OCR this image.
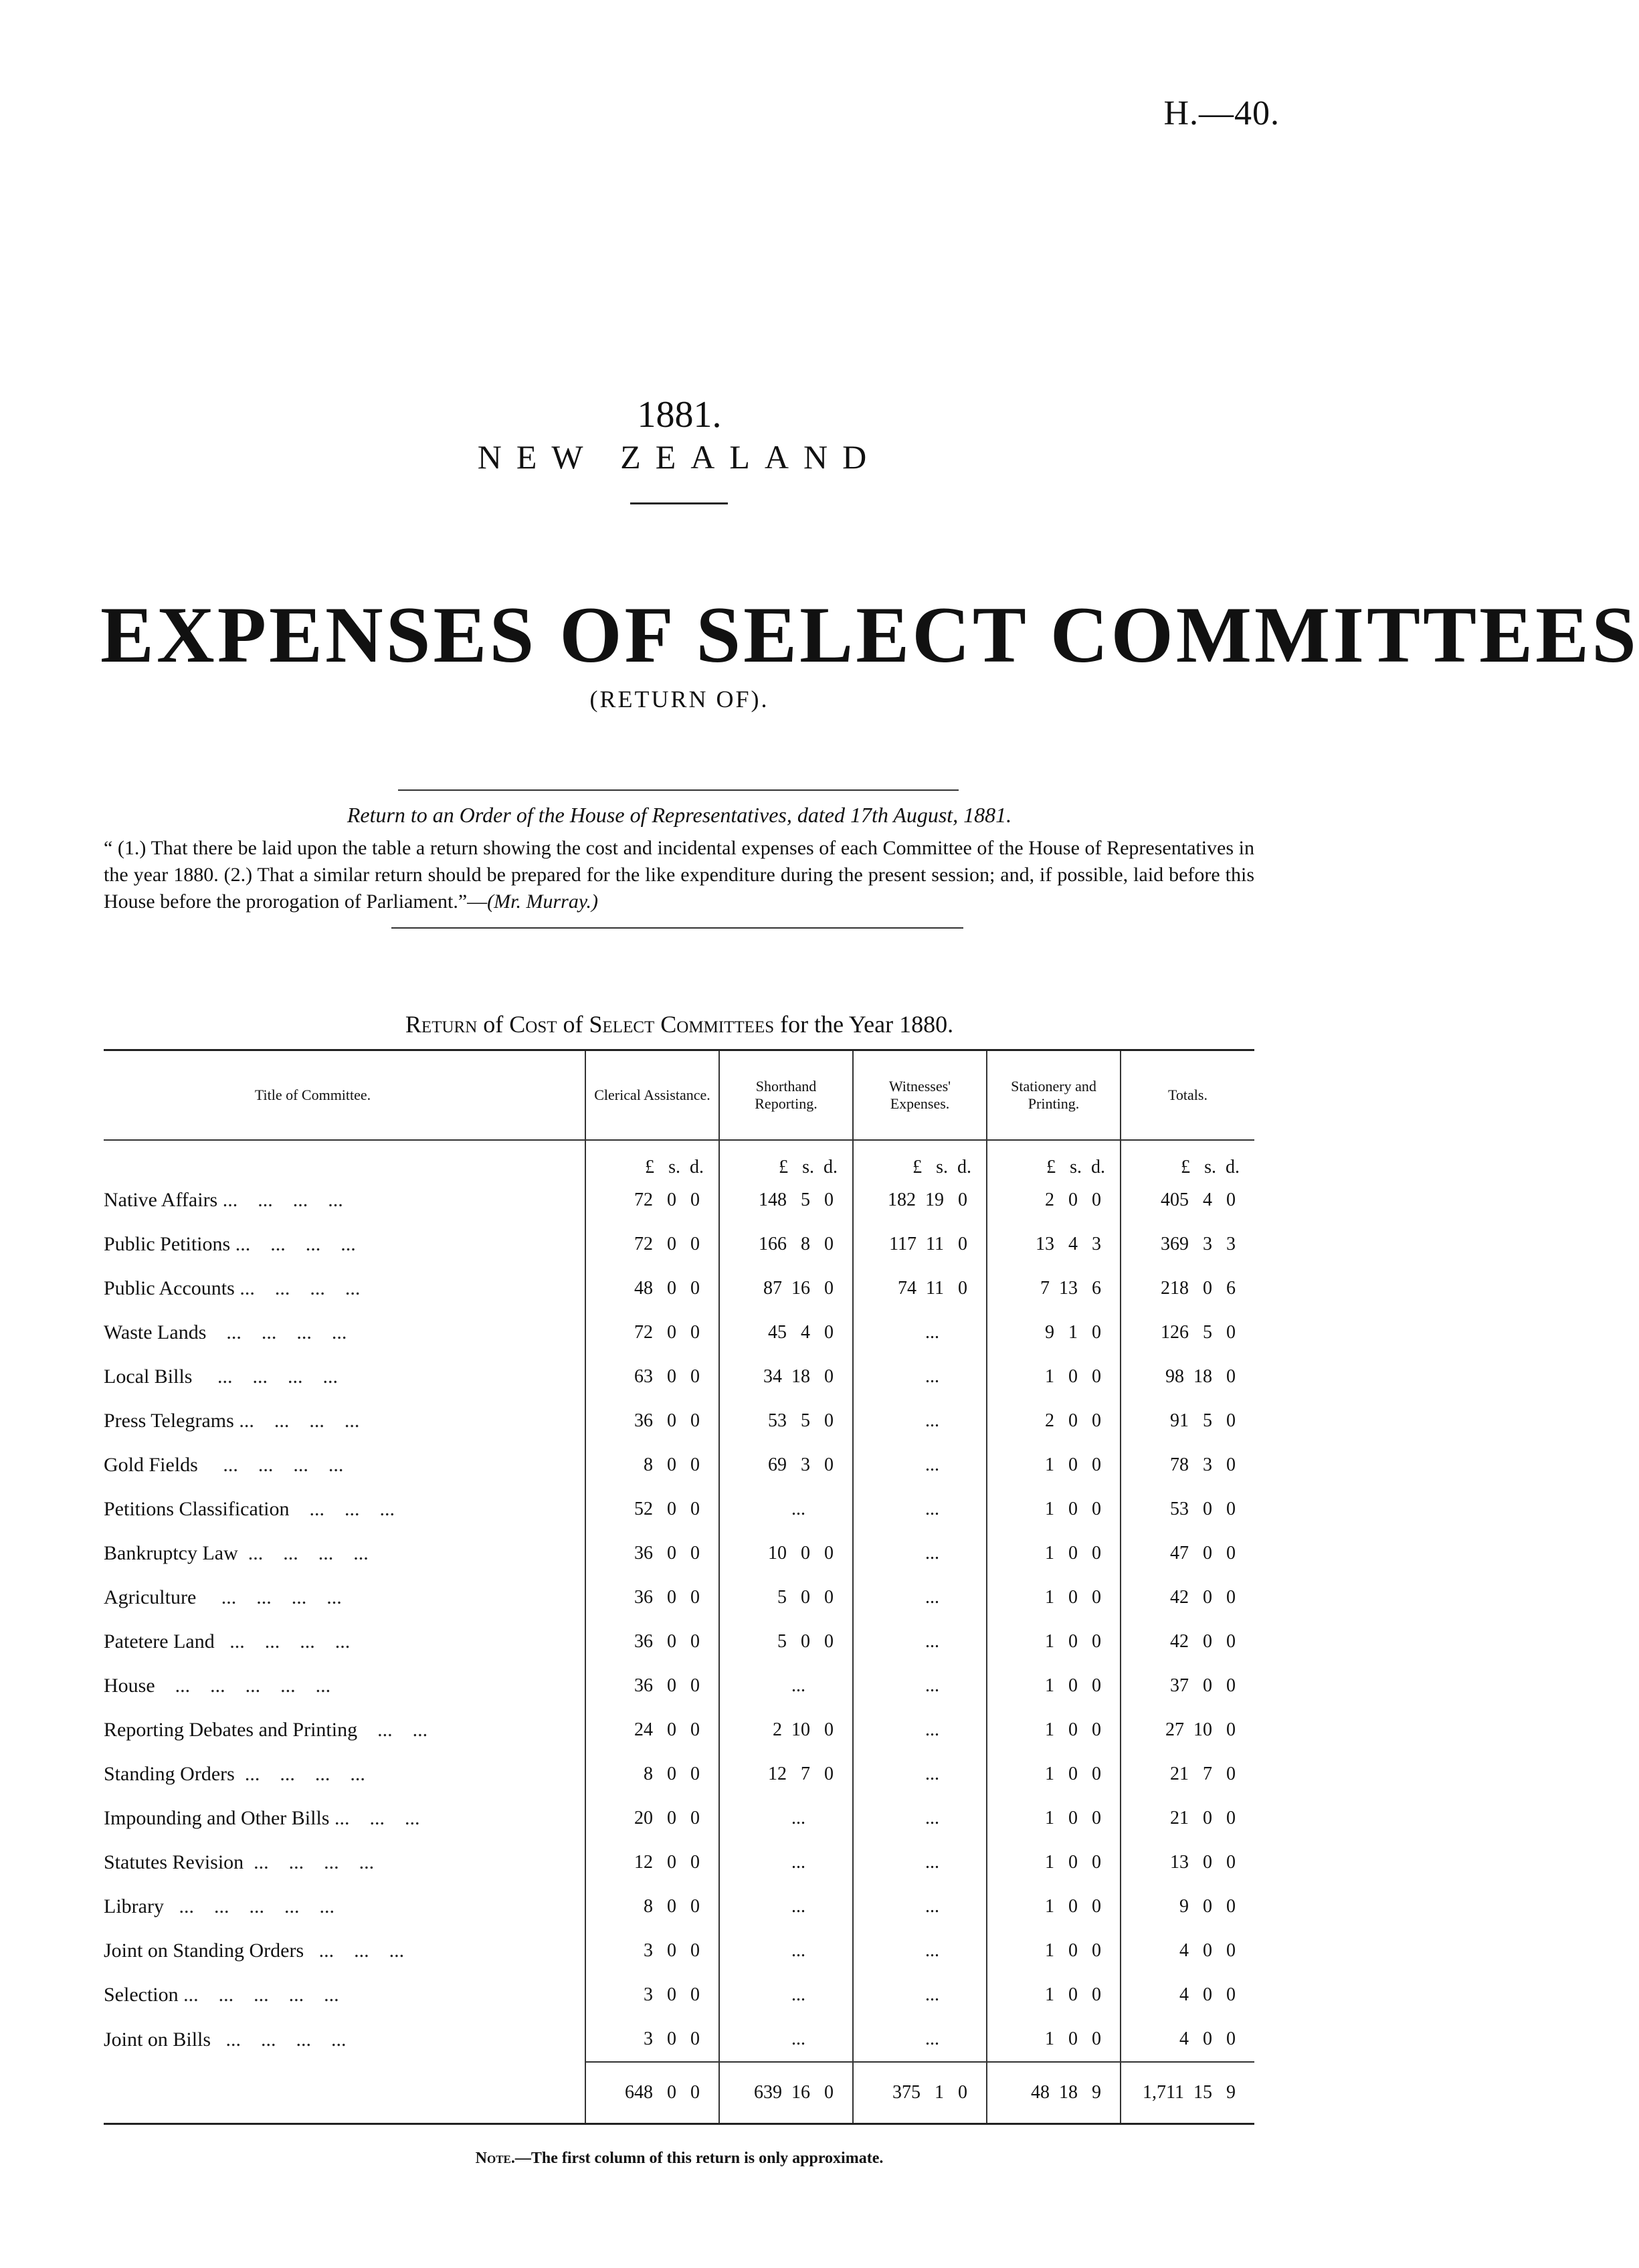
H.—40.
1881.
NEW ZEALAND
EXPENSES OF SELECT COMMITTEES
(RETURN OF).
Return to an Order of the House of Representatives, dated 17th August, 1881.
“ (1.) That there be laid upon the table a return showing the cost and incidental expenses of each Committee of the House of Representatives in the year 1880. (2.) That a similar return should be prepared for the like expenditure during the present session; and, if possible, laid before this House before the prorogation of Parliament.”—(Mr. Murray.)
Return of Cost of Select Committees for the Year 1880.
Title of Committee.	Clerical Assistance.	Shorthand Reporting.	Witnesses' Expenses.	Stationery and Printing.	Totals.
	£   s.  d.	£   s.  d.	£   s.  d.	£   s.  d.	£   s.  d.
Native Affairs ...    ...    ...    ...	72   0   0	148   5   0	182  19   0	2   0   0	405   4   0
Public Petitions ...    ...    ...    ...	72   0   0	166   8   0	117  11   0	13   4   3	369   3   3
Public Accounts ...    ...    ...    ...	48   0   0	87  16   0	74  11   0	7  13   6	218   0   6
Waste Lands    ...    ...    ...    ...	72   0   0	45   4   0	...	9   1   0	126   5   0
Local Bills     ...    ...    ...    ...	63   0   0	34  18   0	...	1   0   0	98  18   0
Press Telegrams ...    ...    ...    ...	36   0   0	53   5   0	...	2   0   0	91   5   0
Gold Fields     ...    ...    ...    ...	8   0   0	69   3   0	...	1   0   0	78   3   0
Petitions Classification    ...    ...    ...	52   0   0	...	...	1   0   0	53   0   0
Bankruptcy Law  ...    ...    ...    ...	36   0   0	10   0   0	...	1   0   0	47   0   0
Agriculture     ...    ...    ...    ...	36   0   0	5   0   0	...	1   0   0	42   0   0
Patetere Land   ...    ...    ...    ...	36   0   0	5   0   0	...	1   0   0	42   0   0
House    ...    ...    ...    ...    ...	36   0   0	...	...	1   0   0	37   0   0
Reporting Debates and Printing    ...    ...	24   0   0	2  10   0	...	1   0   0	27  10   0
Standing Orders  ...    ...    ...    ...	8   0   0	12   7   0	...	1   0   0	21   7   0
Impounding and Other Bills ...    ...    ...	20   0   0	...	...	1   0   0	21   0   0
Statutes Revision  ...    ...    ...    ...	12   0   0	...	...	1   0   0	13   0   0
Library   ...    ...    ...    ...    ...	8   0   0	...	...	1   0   0	9   0   0
Joint on Standing Orders   ...    ...    ...	3   0   0	...	...	1   0   0	4   0   0
Selection ...    ...    ...    ...    ...	3   0   0	...	...	1   0   0	4   0   0
Joint on Bills   ...    ...    ...    ...	3   0   0	...	...	1   0   0	4   0   0
	648   0   0	639  16   0	375   1   0	48  18   9	1,711  15   9
Note.—The first column of this return is only approximate.
